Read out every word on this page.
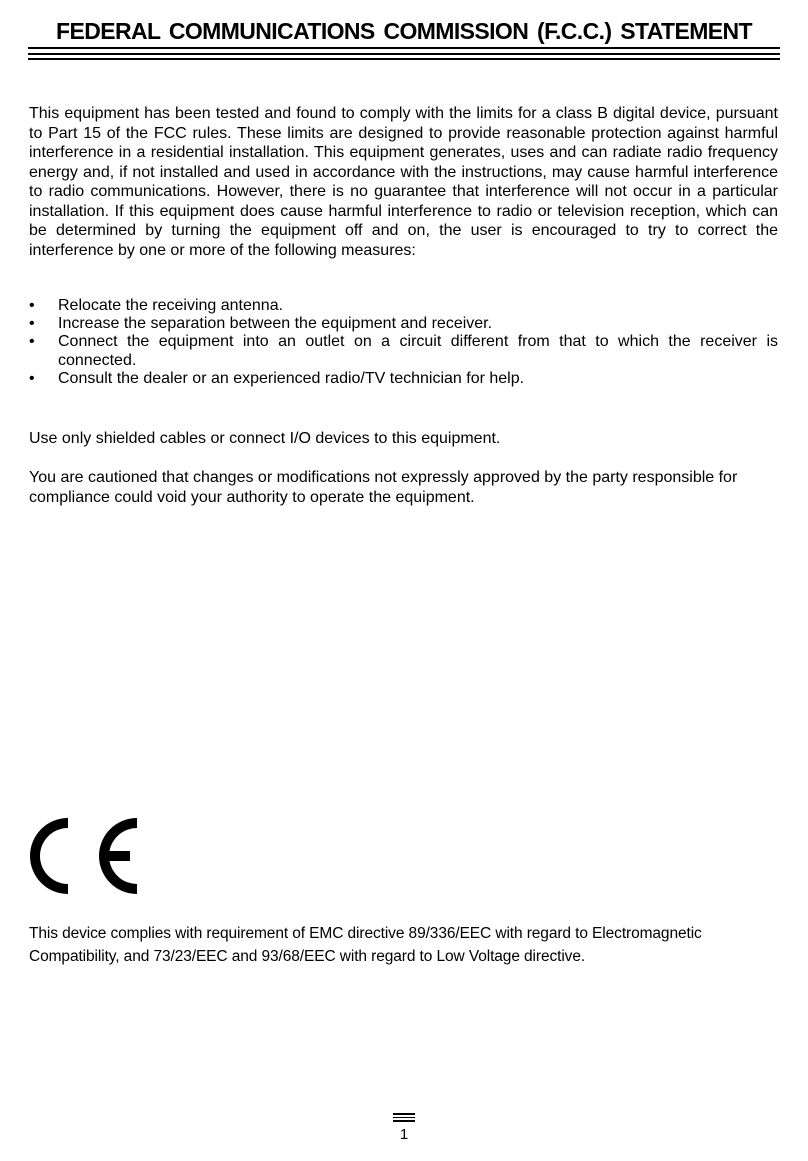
FEDERAL COMMUNICATIONS COMMISSION (F.C.C.) STATEMENT

This equipment has been tested and found to comply with the limits for a class B digital device, pursuant to Part 15 of the FCC rules. These limits are designed to provide reasonable protection against harmful interference in a residential installation. This equipment generates, uses and can radiate radio frequency energy and, if not installed and used in accordance with the instructions, may cause harmful interference to radio communications. However, there is no guarantee that interference will not occur in a particular installation. If this equipment does cause harmful interference to radio or television reception, which can be determined by turning the equipment off and on, the user is encouraged to try to correct the interference by one or more of the following measures:

• Relocate the receiving antenna.
• Increase the separation between the equipment and receiver.
• Connect the equipment into an outlet on a circuit different from that to which the receiver is connected.
• Consult the dealer or an experienced radio/TV technician for help.

Use only shielded cables or connect I/O devices to this equipment.

You are cautioned that changes or modifications not expressly approved by the party responsible for compliance could void your authority to operate the equipment.

This device complies with requirement of EMC directive 89/336/EEC with regard to Electromagnetic Compatibility, and 73/23/EEC and 93/68/EEC with regard to Low Voltage directive.

1
